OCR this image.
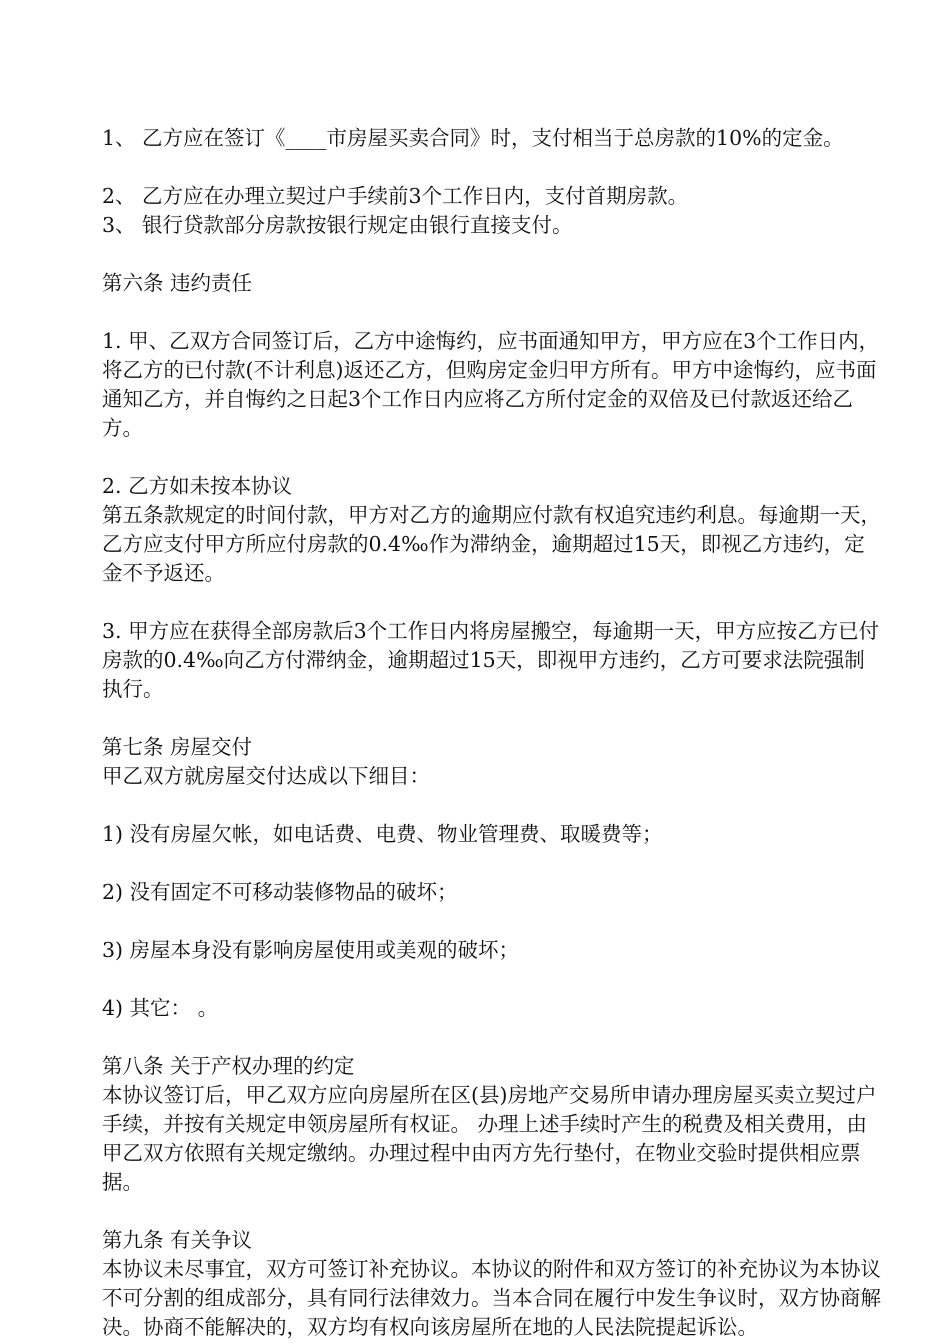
1、 乙方应在签订《____市房屋买卖合同》时，支付相当于总房款的10%的定金。

2、 乙方应在办理立契过户手续前3个工作日内，支付首期房款。

3、 银行贷款部分房款按银行规定由银行直接支付。

第六条 违约责任

1. 甲、乙双方合同签订后，乙方中途悔约，应书面通知甲方，甲方应在3个工作日内，将乙方的已付款(不计利息)返还乙方，但购房定金归甲方所有。甲方中途悔约，应书面通知乙方，并自悔约之日起3个工作日内应将乙方所付定金的双倍及已付款返还给乙方。

2. 乙方如未按本协议

第五条款规定的时间付款，甲方对乙方的逾期应付款有权追究违约利息。每逾期一天，乙方应支付甲方所应付房款的0.4‰作为滞纳金，逾期超过15天，即视乙方违约，定金不予返还。

3. 甲方应在获得全部房款后3个工作日内将房屋搬空，每逾期一天，甲方应按乙方已付房款的0.4‰向乙方付滞纳金，逾期超过15天，即视甲方违约，乙方可要求法院强制执行。

第七条 房屋交付

甲乙双方就房屋交付达成以下细目：

1) 没有房屋欠帐，如电话费、电费、物业管理费、取暖费等；

2) 没有固定不可移动装修物品的破坏；

3) 房屋本身没有影响房屋使用或美观的破坏；

4) 其它： 。

第八条 关于产权办理的约定

本协议签订后，甲乙双方应向房屋所在区(县)房地产交易所申请办理房屋买卖立契过户手续，并按有关规定申领房屋所有权证。 办理上述手续时产生的税费及相关费用，由甲乙双方依照有关规定缴纳。办理过程中由丙方先行垫付，在物业交验时提供相应票据。

第九条 有关争议

本协议未尽事宜，双方可签订补充协议。本协议的附件和双方签订的补充协议为本协议不可分割的组成部分，具有同行法律效力。当本合同在履行中发生争议时，双方协商解决。协商不能解决的，双方均有权向该房屋所在地的人民法院提起诉讼。
